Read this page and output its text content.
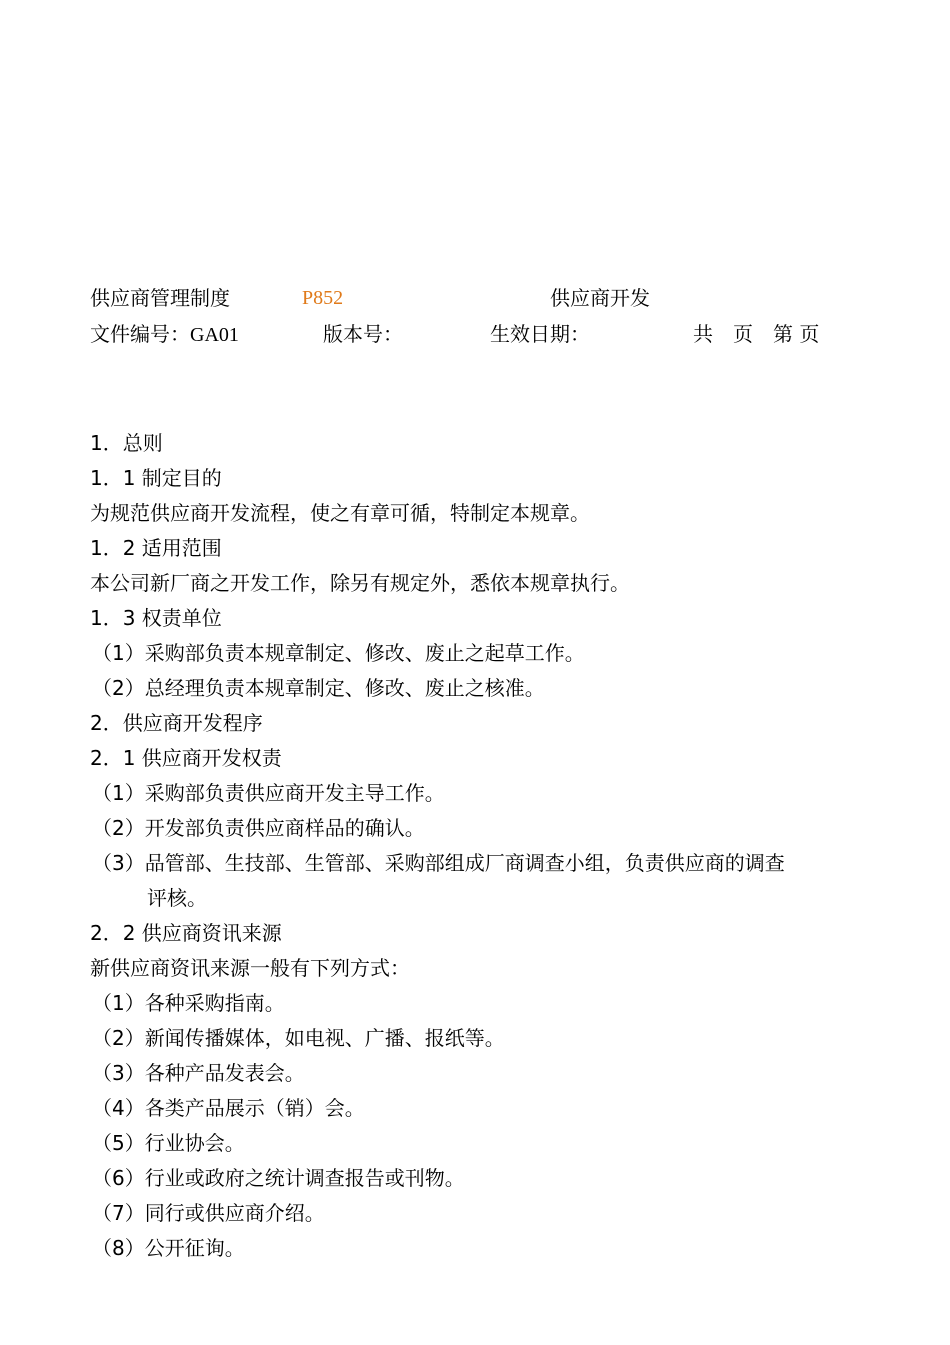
供应商管理制度	P852	供应商开发
文件编号：GA01	版本号：	生效日期：	共　页　第 页
1．总则
1．1 制定目的
为规范供应商开发流程，使之有章可循，特制定本规章。
1．2 适用范围
本公司新厂商之开发工作，除另有规定外，悉依本规章执行。
1．3 权责单位
（1）采购部负责本规章制定、修改、废止之起草工作。
（2）总经理负责本规章制定、修改、废止之核准。
2．供应商开发程序
2．1 供应商开发权责
（1）采购部负责供应商开发主导工作。
（2）开发部负责供应商样品的确认。
（3）品管部、生技部、生管部、采购部组成厂商调查小组，负责供应商的调查
评核。
2．2 供应商资讯来源
新供应商资讯来源一般有下列方式：
（1）各种采购指南。
（2）新闻传播媒体，如电视、广播、报纸等。
（3）各种产品发表会。
（4）各类产品展示（销）会。
（5）行业协会。
（6）行业或政府之统计调查报告或刊物。
（7）同行或供应商介绍。
（8）公开征询。
